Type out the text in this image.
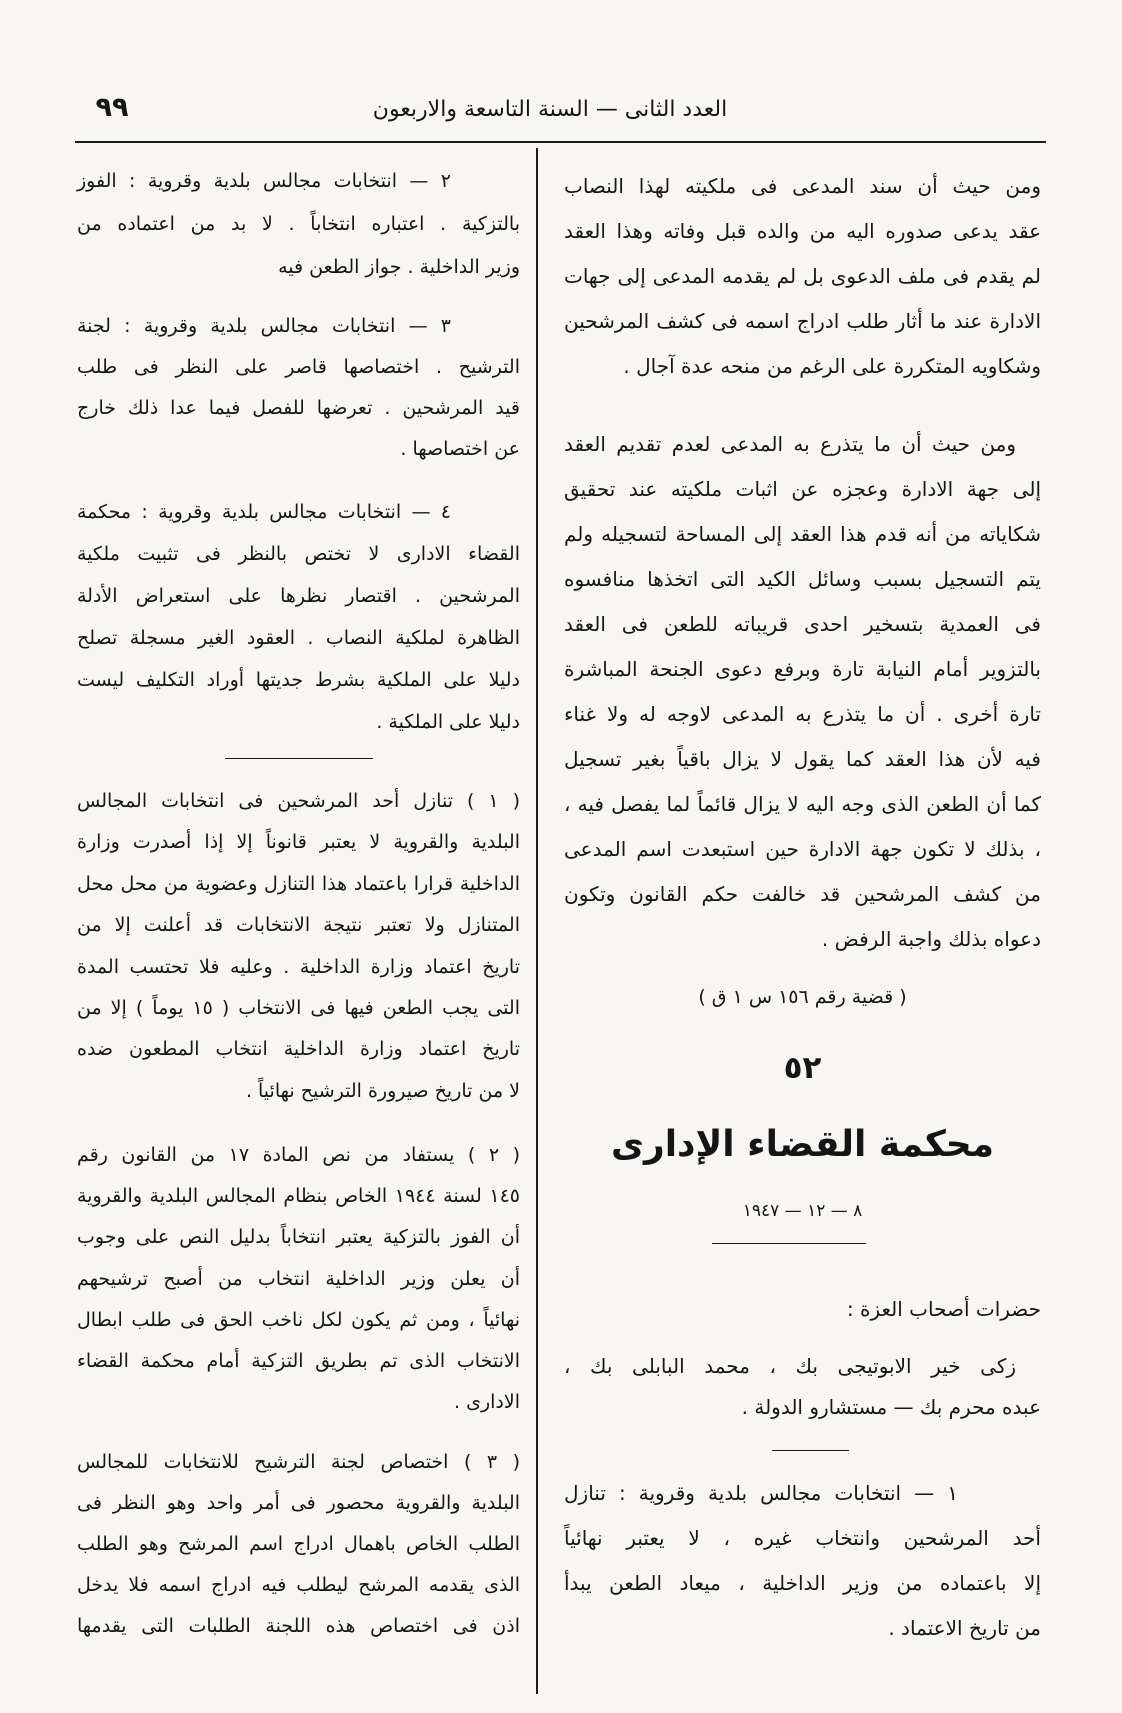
العدد الثانى — السنة التاسعة والاربعون
٩٩
ومن حيث أن سند المدعى فى ملكيته لهذا النصاب
عقد يدعى صدوره اليه من والده قبل وفاته وهذا العقد
لم يقدم فى ملف الدعوى بل لم يقدمه المدعى إلى جهات
الادارة عند ما أثار طلب ادراج اسمه فى كشف المرشحين
وشكاويه المتكررة على الرغم من منحه عدة آجال .
ومن حيث أن ما يتذرع به المدعى لعدم تقديم العقد
إلى جهة الادارة وعجزه عن اثبات ملكيته عند تحقيق
شكاياته من أنه قدم هذا العقد إلى المساحة لتسجيله ولم
يتم التسجيل بسبب وسائل الكيد التى اتخذها منافسوه
فى العمدية بتسخير احدى قريباته للطعن فى العقد
بالتزوير أمام النيابة تارة وبرفع دعوى الجنحة المباشرة
تارة أخرى . أن ما يتذرع به المدعى لاوجه له ولا غناء
فيه لأن هذا العقد كما يقول لا يزال باقياً بغير تسجيل
كما أن الطعن الذى وجه اليه لا يزال قائماً لما يفصل فيه ،
، بذلك لا تكون جهة الادارة حين استبعدت اسم المدعى
من كشف المرشحين قد خالفت حكم القانون وتكون
دعواه بذلك واجبة الرفض .
( قضية رقم ١٥٦ س ١ ق )
٥٢
محكمة القضاء الإدارى
٨ — ١٢ — ١٩٤٧
حضرات أصحاب العزة :
زكى خير الابوتيجى بك ، محمد البابلى بك ،
عبده محرم بك — مستشارو الدولة .
١ — انتخابات مجالس بلدية وقروية : تنازل
أحد المرشحين وانتخاب غيره ، لا يعتبر نهائياً
إلا باعتماده من وزير الداخلية ، ميعاد الطعن يبدأ
من تاريخ الاعتماد .
٢ — انتخابات مجالس بلدية وقروية : الفوز
بالتزكية . اعتباره انتخاباً . لا بد من اعتماده من
وزير الداخلية . جواز الطعن فيه
٣ — انتخابات مجالس بلدية وقروية : لجنة
الترشيح . اختصاصها قاصر على النظر فى طلب
قيد المرشحين . تعرضها للفصل فيما عدا ذلك خارج
عن اختصاصها .
٤ — انتخابات مجالس بلدية وقروية : محكمة
القضاء الادارى لا تختص بالنظر فى تثبيت ملكية
المرشحين . اقتصار نظرها على استعراض الأدلة
الظاهرة لملكية النصاب . العقود الغير مسجلة تصلح
دليلا على الملكية بشرط جديتها أوراد التكليف ليست
دليلا على الملكية .
( ١ ) تنازل أحد المرشحين فى انتخابات المجالس
البلدية والقروية لا يعتبر قانوناً إلا إذا أصدرت وزارة
الداخلية قرارا باعتماد هذا التنازل وعضوية من محل محل
المتنازل ولا تعتبر نتيجة الانتخابات قد أعلنت إلا من
تاريخ اعتماد وزارة الداخلية . وعليه فلا تحتسب المدة
التى يجب الطعن فيها فى الانتخاب ( ١٥ يوماً ) إلا من
تاريخ اعتماد وزارة الداخلية انتخاب المطعون ضده
لا من تاريخ صيرورة الترشيح نهائياً .
( ٢ ) يستفاد من نص المادة ١٧ من القانون رقم
١٤٥ لسنة ١٩٤٤ الخاص بنظام المجالس البلدية والقروية
أن الفوز بالتزكية يعتبر انتخاباً بدليل النص على وجوب
أن يعلن وزير الداخلية انتخاب من أصبح ترشيحهم
نهائياً ، ومن ثم يكون لكل ناخب الحق فى طلب ابطال
الانتخاب الذى تم بطريق التزكية أمام محكمة القضاء
الادارى .
( ٣ ) اختصاص لجنة الترشيح للانتخابات للمجالس
البلدية والقروية محصور فى أمر واحد وهو النظر فى
الطلب الخاص باهمال ادراج اسم المرشح وهو الطلب
الذى يقدمه المرشح ليطلب فيه ادراج اسمه فلا يدخل
اذن فى اختصاص هذه اللجنة الطلبات التى يقدمها
